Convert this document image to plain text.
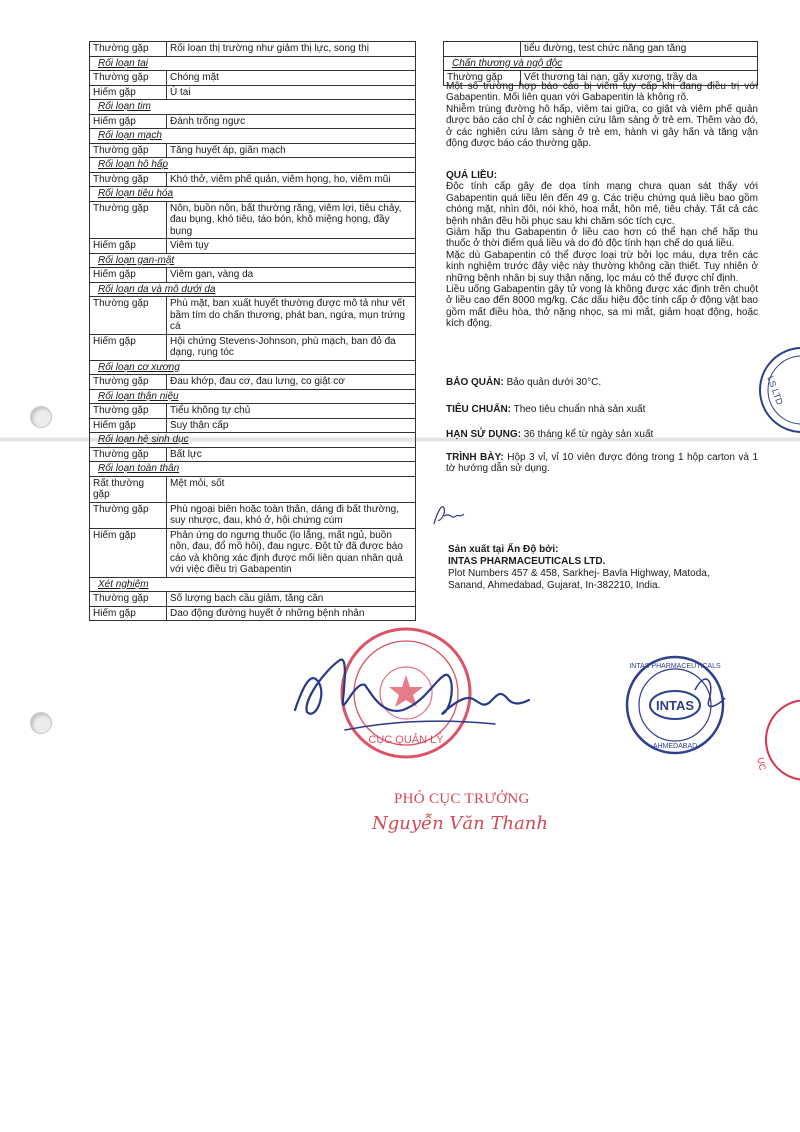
Thường gặp	Rối loạn thị trường như giảm thị lực, song thị
Rối loạn tai	
Thường gặp	Chóng mặt
Hiếm gặp	Ù tai
Rối loạn tim	
Hiếm gặp	Đánh trống ngực
Rối loạn mạch	
Thường gặp	Tăng huyết áp, giãn mạch
Rối loạn hô hấp	
Thường gặp	Khó thở, viêm phế quản, viêm họng, ho, viêm mũi
Rối loạn tiêu hóa	
Thường gặp	Nôn, buồn nôn, bất thường răng, viêm lợi, tiêu chảy, đau bụng, khó tiêu, táo bón, khô miệng họng, đầy bụng
Hiếm gặp	Viêm tụy
Rối loạn gan-mật	
Hiếm gặp	Viêm gan, vàng da
Rối loạn da và mô dưới da	
Thường gặp	Phù mặt, ban xuất huyết thường được mô tả như vết bầm tím do chấn thương, phát ban, ngứa, mụn trứng cá
Hiếm gặp	Hội chứng Stevens-Johnson, phù mạch, ban đỏ đa dạng, rụng tóc
Rối loạn cơ xương	
Thường gặp	Đau khớp, đau cơ, đau lưng, co giật cơ
Rối loạn thận niệu	
Thường gặp	Tiểu không tự chủ
Hiếm gặp	Suy thận cấp
Rối loạn hệ sinh dục	
Thường gặp	Bất lực
Rối loạn toàn thân	
Rất thường gặp	Mệt mỏi, sốt
Thường gặp	Phù ngoại biên hoặc toàn thân, dáng đi bất thường, suy nhược, đau, khó ở, hội chứng cúm
Hiếm gặp	Phản ứng do ngưng thuốc (lo lắng, mất ngủ, buồn nôn, đau, đổ mồ hôi), đau ngực. Đột tử đã được báo cáo và không xác định được mối liên quan nhân quả với việc điều trị Gabapentin
Xét nghiệm	
Thường gặp	Số lượng bạch cầu giảm, tăng cân
Hiếm gặp	Dao động đường huyết ở những bệnh nhân
	tiểu đường, test chức năng gan tăng
Chấn thương và ngộ độc	
Thường gặp	Vết thương tai nạn, gãy xương, trầy da

Một số trường hợp báo cáo bị viêm tụy cấp khi đang điều trị với Gabapentin. Mối liên quan với Gabapentin là không rõ.

Nhiễm trùng đường hô hấp, viêm tai giữa, co giật và viêm phế quản được báo cáo chỉ ở các nghiên cứu lâm sàng ở trẻ em. Thêm vào đó, ở các nghiên cứu lâm sàng ở trẻ em, hành vi gây hấn và tăng vận động được báo cáo thường gặp.

QUÁ LIỀU:

Độc tính cấp gây đe dọa tính mạng chưa quan sát thấy với Gabapentin quá liều lên đến 49 g. Các triệu chứng quá liều bao gồm chóng mặt, nhìn đôi, nói khó, hoa mắt, hôn mê, tiêu chảy. Tất cả các bệnh nhân đều hồi phục sau khi chăm sóc tích cực.

Giảm hấp thu Gabapentin ở liều cao hơn có thể hạn chế hấp thu thuốc ở thời điểm quá liều và do đó độc tính hạn chế do quá liều.

Mặc dù Gabapentin có thể được loại trừ bởi lọc máu, dựa trên các kinh nghiệm trước đây việc này thường không cần thiết. Tuy nhiên ở những bệnh nhân bị suy thận nặng, lọc máu có thể được chỉ định.

Liều uống Gabapentin gây tử vong là không được xác định trên chuột ở liều cao đến 8000 mg/kg. Các dấu hiệu độc tính cấp ở động vật bao gồm mất điều hòa, thở nặng nhọc, sa mi mắt, giảm hoạt động, hoặc kích động.

BẢO QUẢN: Bảo quản dưới 30°C.
TIÊU CHUẨN: Theo tiêu chuẩn nhà sản xuất
HẠN SỬ DỤNG: 36 tháng kể từ ngày sản xuất

TRÌNH BÀY: Hộp 3 vỉ, vỉ 10 viên được đóng trong 1 hộp carton và 1 tờ hướng dẫn sử dụng.

Sản xuất tại Ấn Độ bởi:
INTAS PHARMACEUTICALS LTD.
Plot Numbers 457 & 458, Sarkhej- Bavla Highway, Matoda,
Sanand, Ahmedabad, Gujarat, In-382210, India.
LS LTD
ỤC
CỤC QUẢN LÝ
INTAS
INTAS PHARMACEUTICALS
AHMEDABAD
PHÓ CỤC TRƯỞNG
Nguyễn Văn Thanh
